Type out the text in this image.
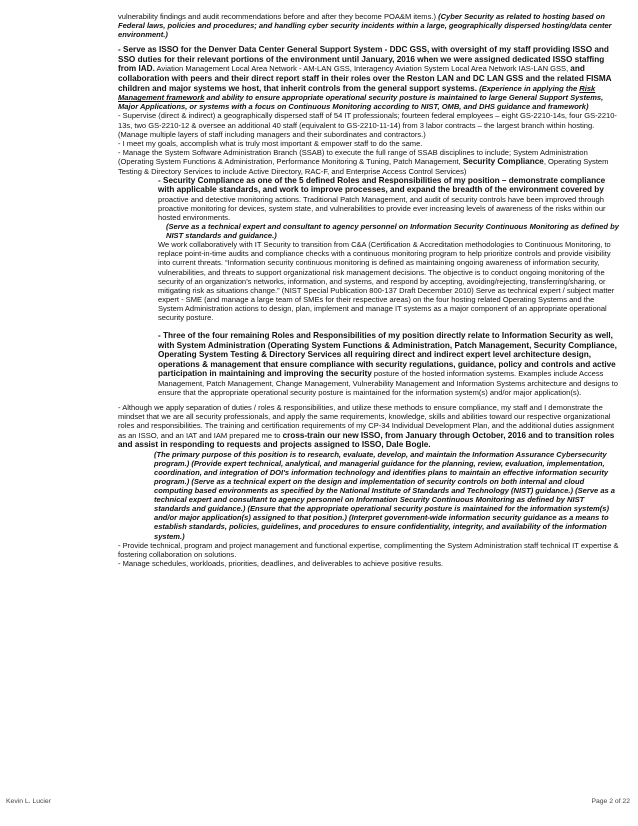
vulnerability findings and audit recommendations before and after they become POA&M items.) (Cyber Security as related to hosting based on Federal laws, policies and procedures; and handling cyber security incidents within a large, geographically dispersed hosting/data center environment.)

- Serve as ISSO for the Denver Data Center General Support System - DDC GSS, with oversight of my staff providing ISSO and SSO duties for their relevant portions of the environment until January, 2016 when we were assigned dedicated ISSO staffing from IAD. Aviation Management Local Area Network - AM-LAN GSS, Interagency Aviation System Local Area Network IAS-LAN GSS, and collaboration with peers and their direct report staff in their roles over the Reston LAN and DC LAN GSS and the related FISMA children and major systems we host, that inherit controls from the general support systems. (Experience in applying the Risk Management framework and ability to ensure appropriate operational security posture is maintained to large General Support Systems, Major Applications, or systems with a focus on Continuous Monitoring according to NIST, OMB, and DHS guidance and framework)

- Supervise (direct & indirect) a geographically dispersed staff of 54 IT professionals; fourteen federal employees – eight GS-2210-14s, four GS-2210-13s, two GS-2210-12 & oversee an additional 40 staff (equivalent to GS-2210-11-14) from 3 labor contracts – the largest branch within hosting. (Manage multiple layers of staff including managers and their subordinates and contractors.)

- I meet my goals, accomplish what is truly most important & empower staff to do the same.

- Manage the System Software Administration Branch (SSAB) to execute the full range of SSAB disciplines to include; System Administration (Operating System Functions & Administration, Performance Monitoring & Tuning, Patch Management, Security Compliance, Operating System Testing & Directory Services to include Active Directory, RAC-F, and Enterprise Access Control Services)

- Security Compliance as one of the 5 defined Roles and Responsibilities of my position – demonstrate compliance with applicable standards, and work to improve processes, and expand the breadth of the environment covered by proactive and detective monitoring actions. Traditional Patch Management, and audit of security controls have been improved through proactive monitoring for devices, system state, and vulnerabilities to provide ever increasing levels of awareness of the risks within our hosted environments.

(Serve as a technical expert and consultant to agency personnel on Information Security Continuous Monitoring as defined by NIST standards and guidance.)

We work collaboratively with IT Security to transition from C&A (Certification & Accreditation methodologies to Continuous Monitoring, to replace point-in-time audits and compliance checks with a continuous monitoring program to help prioritize controls and provide visibility into current threats. “Information security continuous monitoring is defined as maintaining ongoing awareness of information security, vulnerabilities, and threats to support organizational risk management decisions. The objective is to conduct ongoing monitoring of the security of an organization’s networks, information, and systems, and respond by accepting, avoiding/rejecting, transferring/sharing, or mitigating risk as situations change.” (NIST Special Publication 800-137 Draft December 2010) Serve as technical expert / subject matter expert - SME (and manage a large team of SMEs for their respective areas) on the four hosting related Operating Systems and the System Administration actions to design, plan, implement and manage IT systems as a major component of an appropriate operational security posture.

- Three of the four remaining Roles and Responsibilities of my position directly relate to Information Security as well, with System Administration (Operating System Functions & Administration, Patch Management, Security Compliance, Operating System Testing & Directory Services all requiring direct and indirect expert level architecture design, operations & management that ensure compliance with security regulations, guidance, policy and controls and active participation in maintaining and improving the security posture of the hosted information systems. Examples include Access Management, Patch Management, Change Management, Vulnerability Management and Information Systems architecture and designs to ensure that the appropriate operational security posture is maintained for the information system(s) and/or major application(s).

- Although we apply separation of duties / roles & responsibilities, and utilize these methods to ensure compliance, my staff and I demonstrate the mindset that we are all security professionals, and apply the same requirements, knowledge, skills and abilities toward our respective organizational roles and responsibilities. The training and certification requirements of my CP-34 Individual Development Plan, and the additional duties assignment as an ISSO, and an IAT and IAM prepared me to cross-train our new ISSO, from January through October, 2016 and to transition roles and assist in responding to requests and projects assigned to ISSO, Dale Bogle.

(The primary purpose of this position is to research, evaluate, develop, and maintain the Information Assurance Cybersecurity program.) (Provide expert technical, analytical, and managerial guidance for the planning, review, evaluation, implementation, coordination, and integration of DOI's information technology and identifies plans to maintain an effective information security program.) (Serve as a technical expert on the design and implementation of security controls on both internal and cloud computing based environments as specified by the National Institute of Standards and Technology (NIST) guidance.) (Serve as a technical expert and consultant to agency personnel on Information Security Continuous Monitoring as defined by NIST standards and guidance.) (Ensure that the appropriate operational security posture is maintained for the information system(s) and/or major application(s) assigned to that position.) (Interpret government-wide information security guidance as a means to establish standards, policies, guidelines, and procedures to ensure confidentiality, integrity, and availability of the information system.)

- Provide technical, program and project management and functional expertise, complimenting the System Administration staff technical IT expertise & fostering collaboration on solutions.

- Manage schedules, workloads, priorities, deadlines, and deliverables to achieve positive results.

Kevin L. Lucier	Page 2 of 22
